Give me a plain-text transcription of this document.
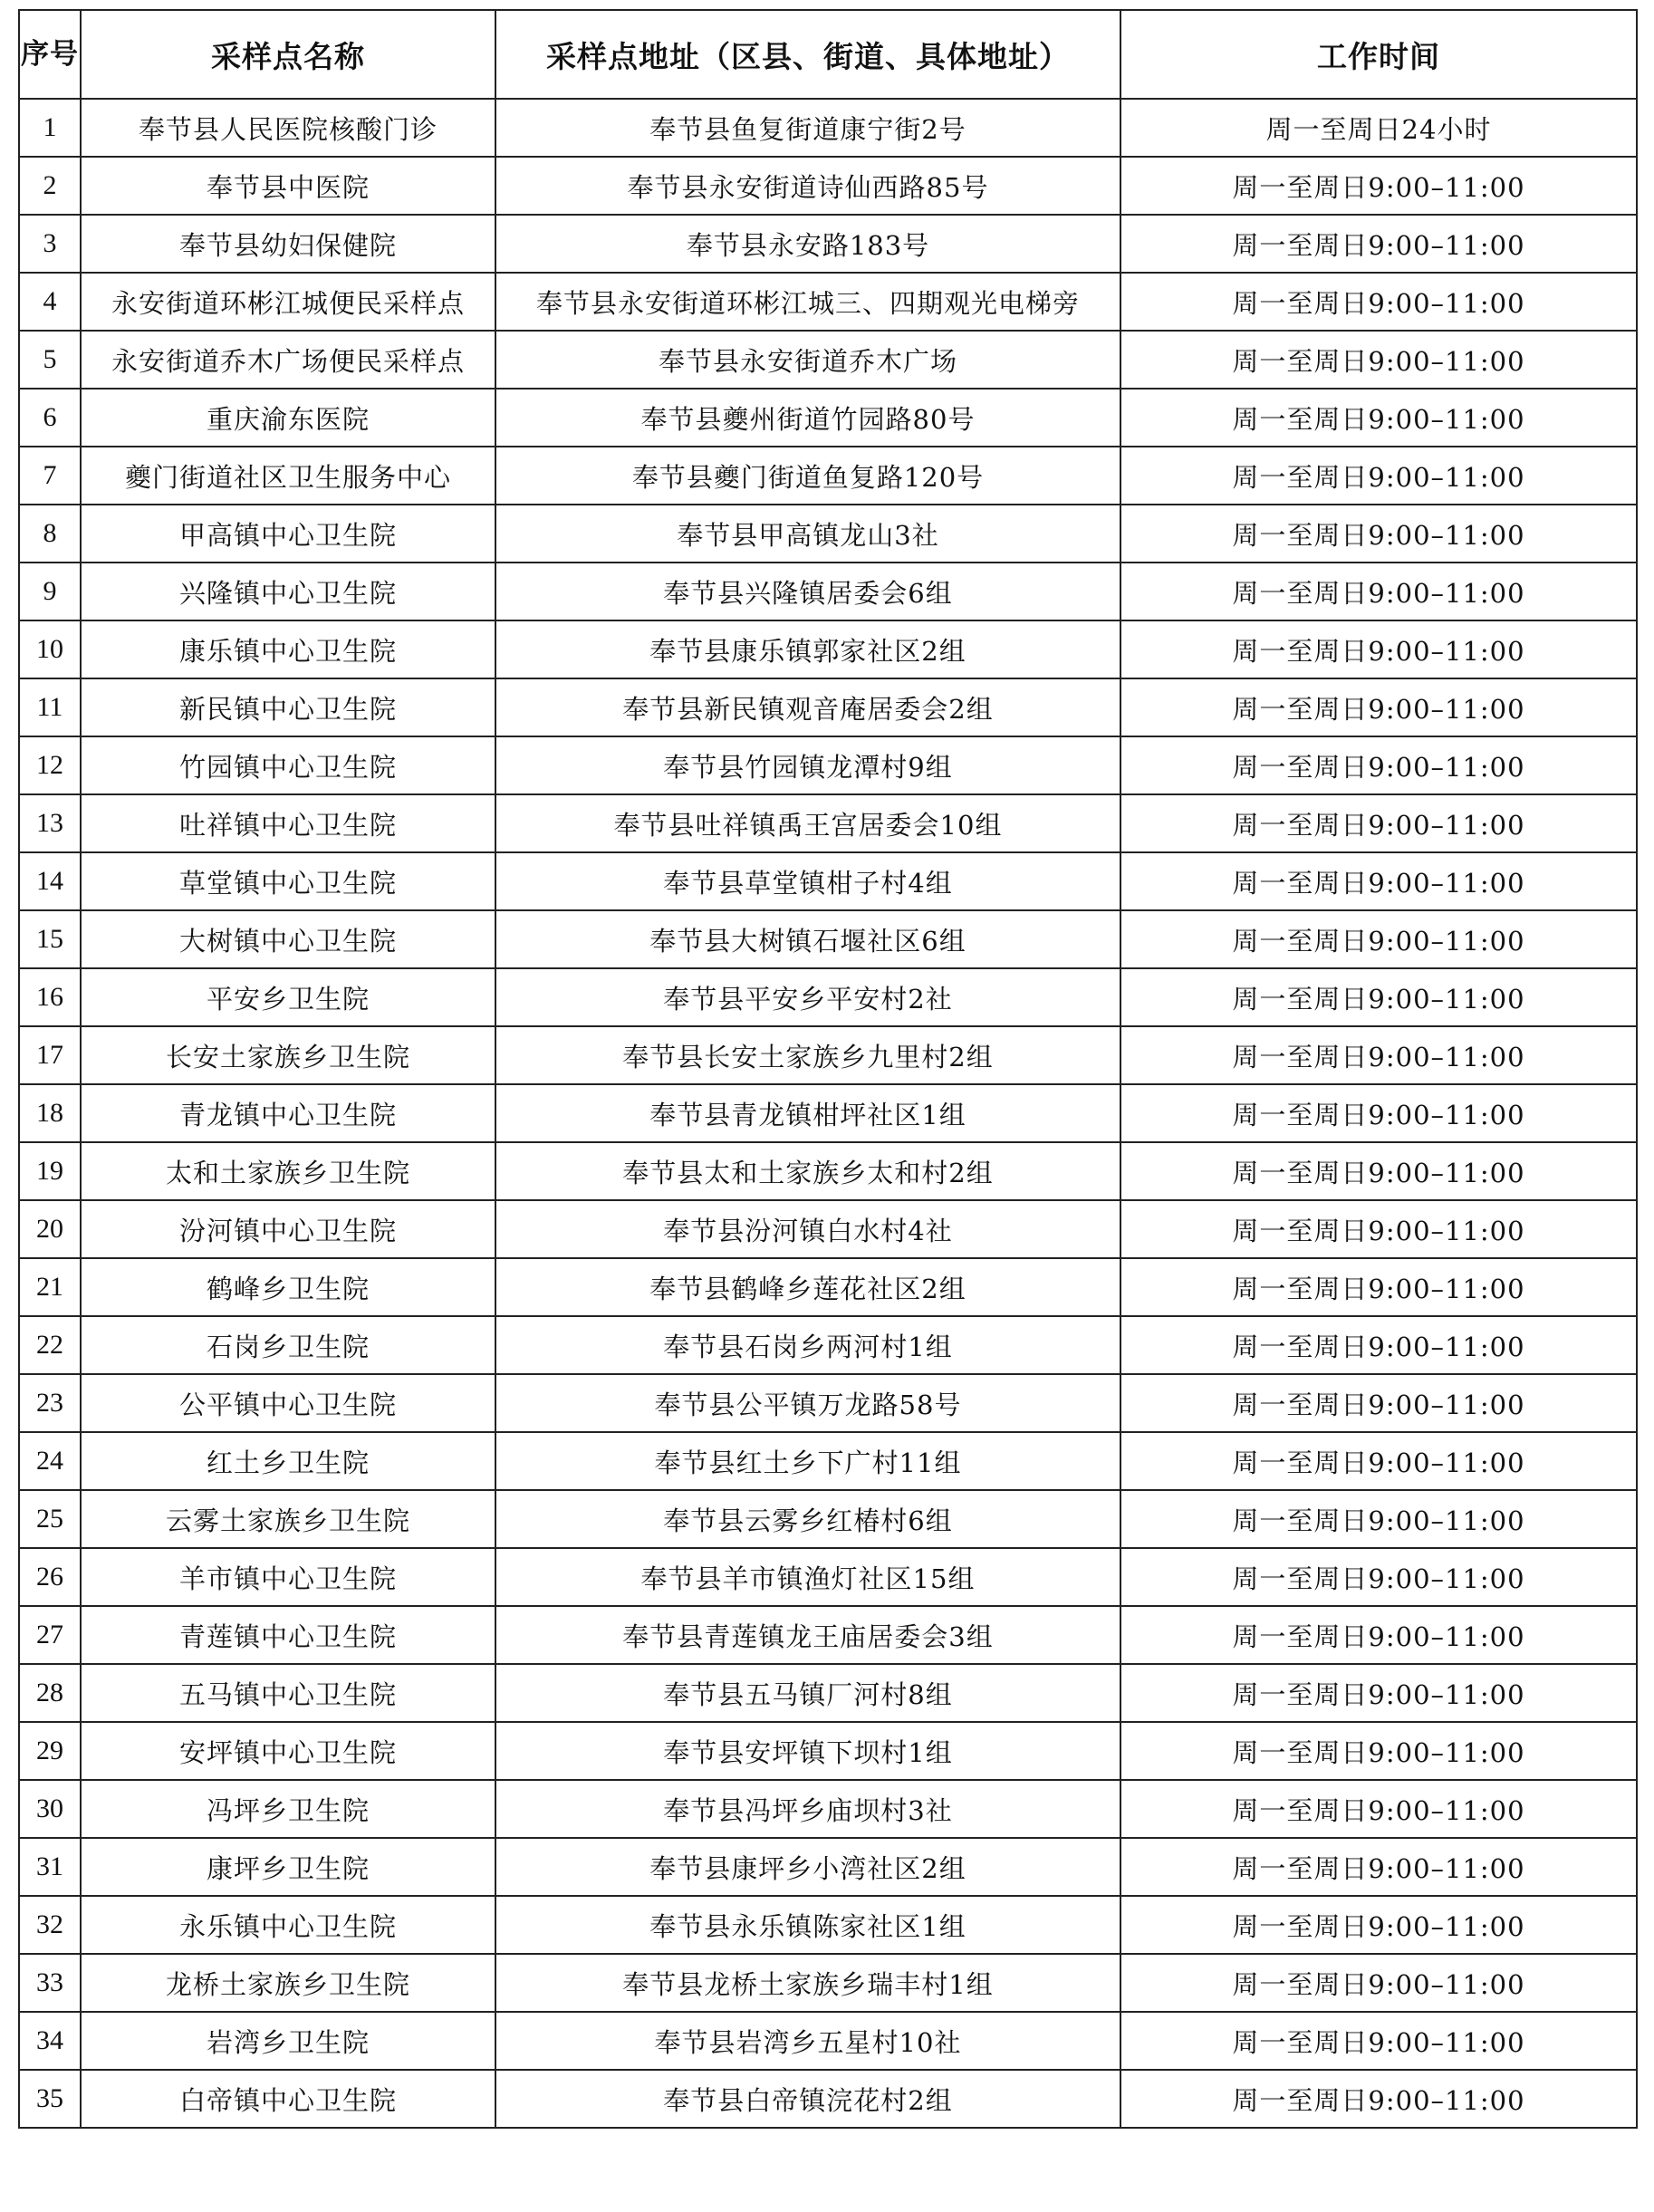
序号	采样点名称	采样点地址（区县、街道、具体地址）	工作时间
1	奉节县人民医院核酸门诊	奉节县鱼复街道康宁街2号	周一至周日24小时
2	奉节县中医院	奉节县永安街道诗仙西路85号	周一至周日9:00–11:00
3	奉节县幼妇保健院	奉节县永安路183号	周一至周日9:00–11:00
4	永安街道环彬江城便民采样点	奉节县永安街道环彬江城三、四期观光电梯旁	周一至周日9:00–11:00
5	永安街道乔木广场便民采样点	奉节县永安街道乔木广场	周一至周日9:00–11:00
6	重庆渝东医院	奉节县夔州街道竹园路80号	周一至周日9:00–11:00
7	夔门街道社区卫生服务中心	奉节县夔门街道鱼复路120号	周一至周日9:00–11:00
8	甲高镇中心卫生院	奉节县甲高镇龙山3社	周一至周日9:00–11:00
9	兴隆镇中心卫生院	奉节县兴隆镇居委会6组	周一至周日9:00–11:00
10	康乐镇中心卫生院	奉节县康乐镇郭家社区2组	周一至周日9:00–11:00
11	新民镇中心卫生院	奉节县新民镇观音庵居委会2组	周一至周日9:00–11:00
12	竹园镇中心卫生院	奉节县竹园镇龙潭村9组	周一至周日9:00–11:00
13	吐祥镇中心卫生院	奉节县吐祥镇禹王宫居委会10组	周一至周日9:00–11:00
14	草堂镇中心卫生院	奉节县草堂镇柑子村4组	周一至周日9:00–11:00
15	大树镇中心卫生院	奉节县大树镇石堰社区6组	周一至周日9:00–11:00
16	平安乡卫生院	奉节县平安乡平安村2社	周一至周日9:00–11:00
17	长安土家族乡卫生院	奉节县长安土家族乡九里村2组	周一至周日9:00–11:00
18	青龙镇中心卫生院	奉节县青龙镇柑坪社区1组	周一至周日9:00–11:00
19	太和土家族乡卫生院	奉节县太和土家族乡太和村2组	周一至周日9:00–11:00
20	汾河镇中心卫生院	奉节县汾河镇白水村4社	周一至周日9:00–11:00
21	鹤峰乡卫生院	奉节县鹤峰乡莲花社区2组	周一至周日9:00–11:00
22	石岗乡卫生院	奉节县石岗乡两河村1组	周一至周日9:00–11:00
23	公平镇中心卫生院	奉节县公平镇万龙路58号	周一至周日9:00–11:00
24	红土乡卫生院	奉节县红土乡下广村11组	周一至周日9:00–11:00
25	云雾土家族乡卫生院	奉节县云雾乡红椿村6组	周一至周日9:00–11:00
26	羊市镇中心卫生院	奉节县羊市镇渔灯社区15组	周一至周日9:00–11:00
27	青莲镇中心卫生院	奉节县青莲镇龙王庙居委会3组	周一至周日9:00–11:00
28	五马镇中心卫生院	奉节县五马镇厂河村8组	周一至周日9:00–11:00
29	安坪镇中心卫生院	奉节县安坪镇下坝村1组	周一至周日9:00–11:00
30	冯坪乡卫生院	奉节县冯坪乡庙坝村3社	周一至周日9:00–11:00
31	康坪乡卫生院	奉节县康坪乡小湾社区2组	周一至周日9:00–11:00
32	永乐镇中心卫生院	奉节县永乐镇陈家社区1组	周一至周日9:00–11:00
33	龙桥土家族乡卫生院	奉节县龙桥土家族乡瑞丰村1组	周一至周日9:00–11:00
34	岩湾乡卫生院	奉节县岩湾乡五星村10社	周一至周日9:00–11:00
35	白帝镇中心卫生院	奉节县白帝镇浣花村2组	周一至周日9:00–11:00
